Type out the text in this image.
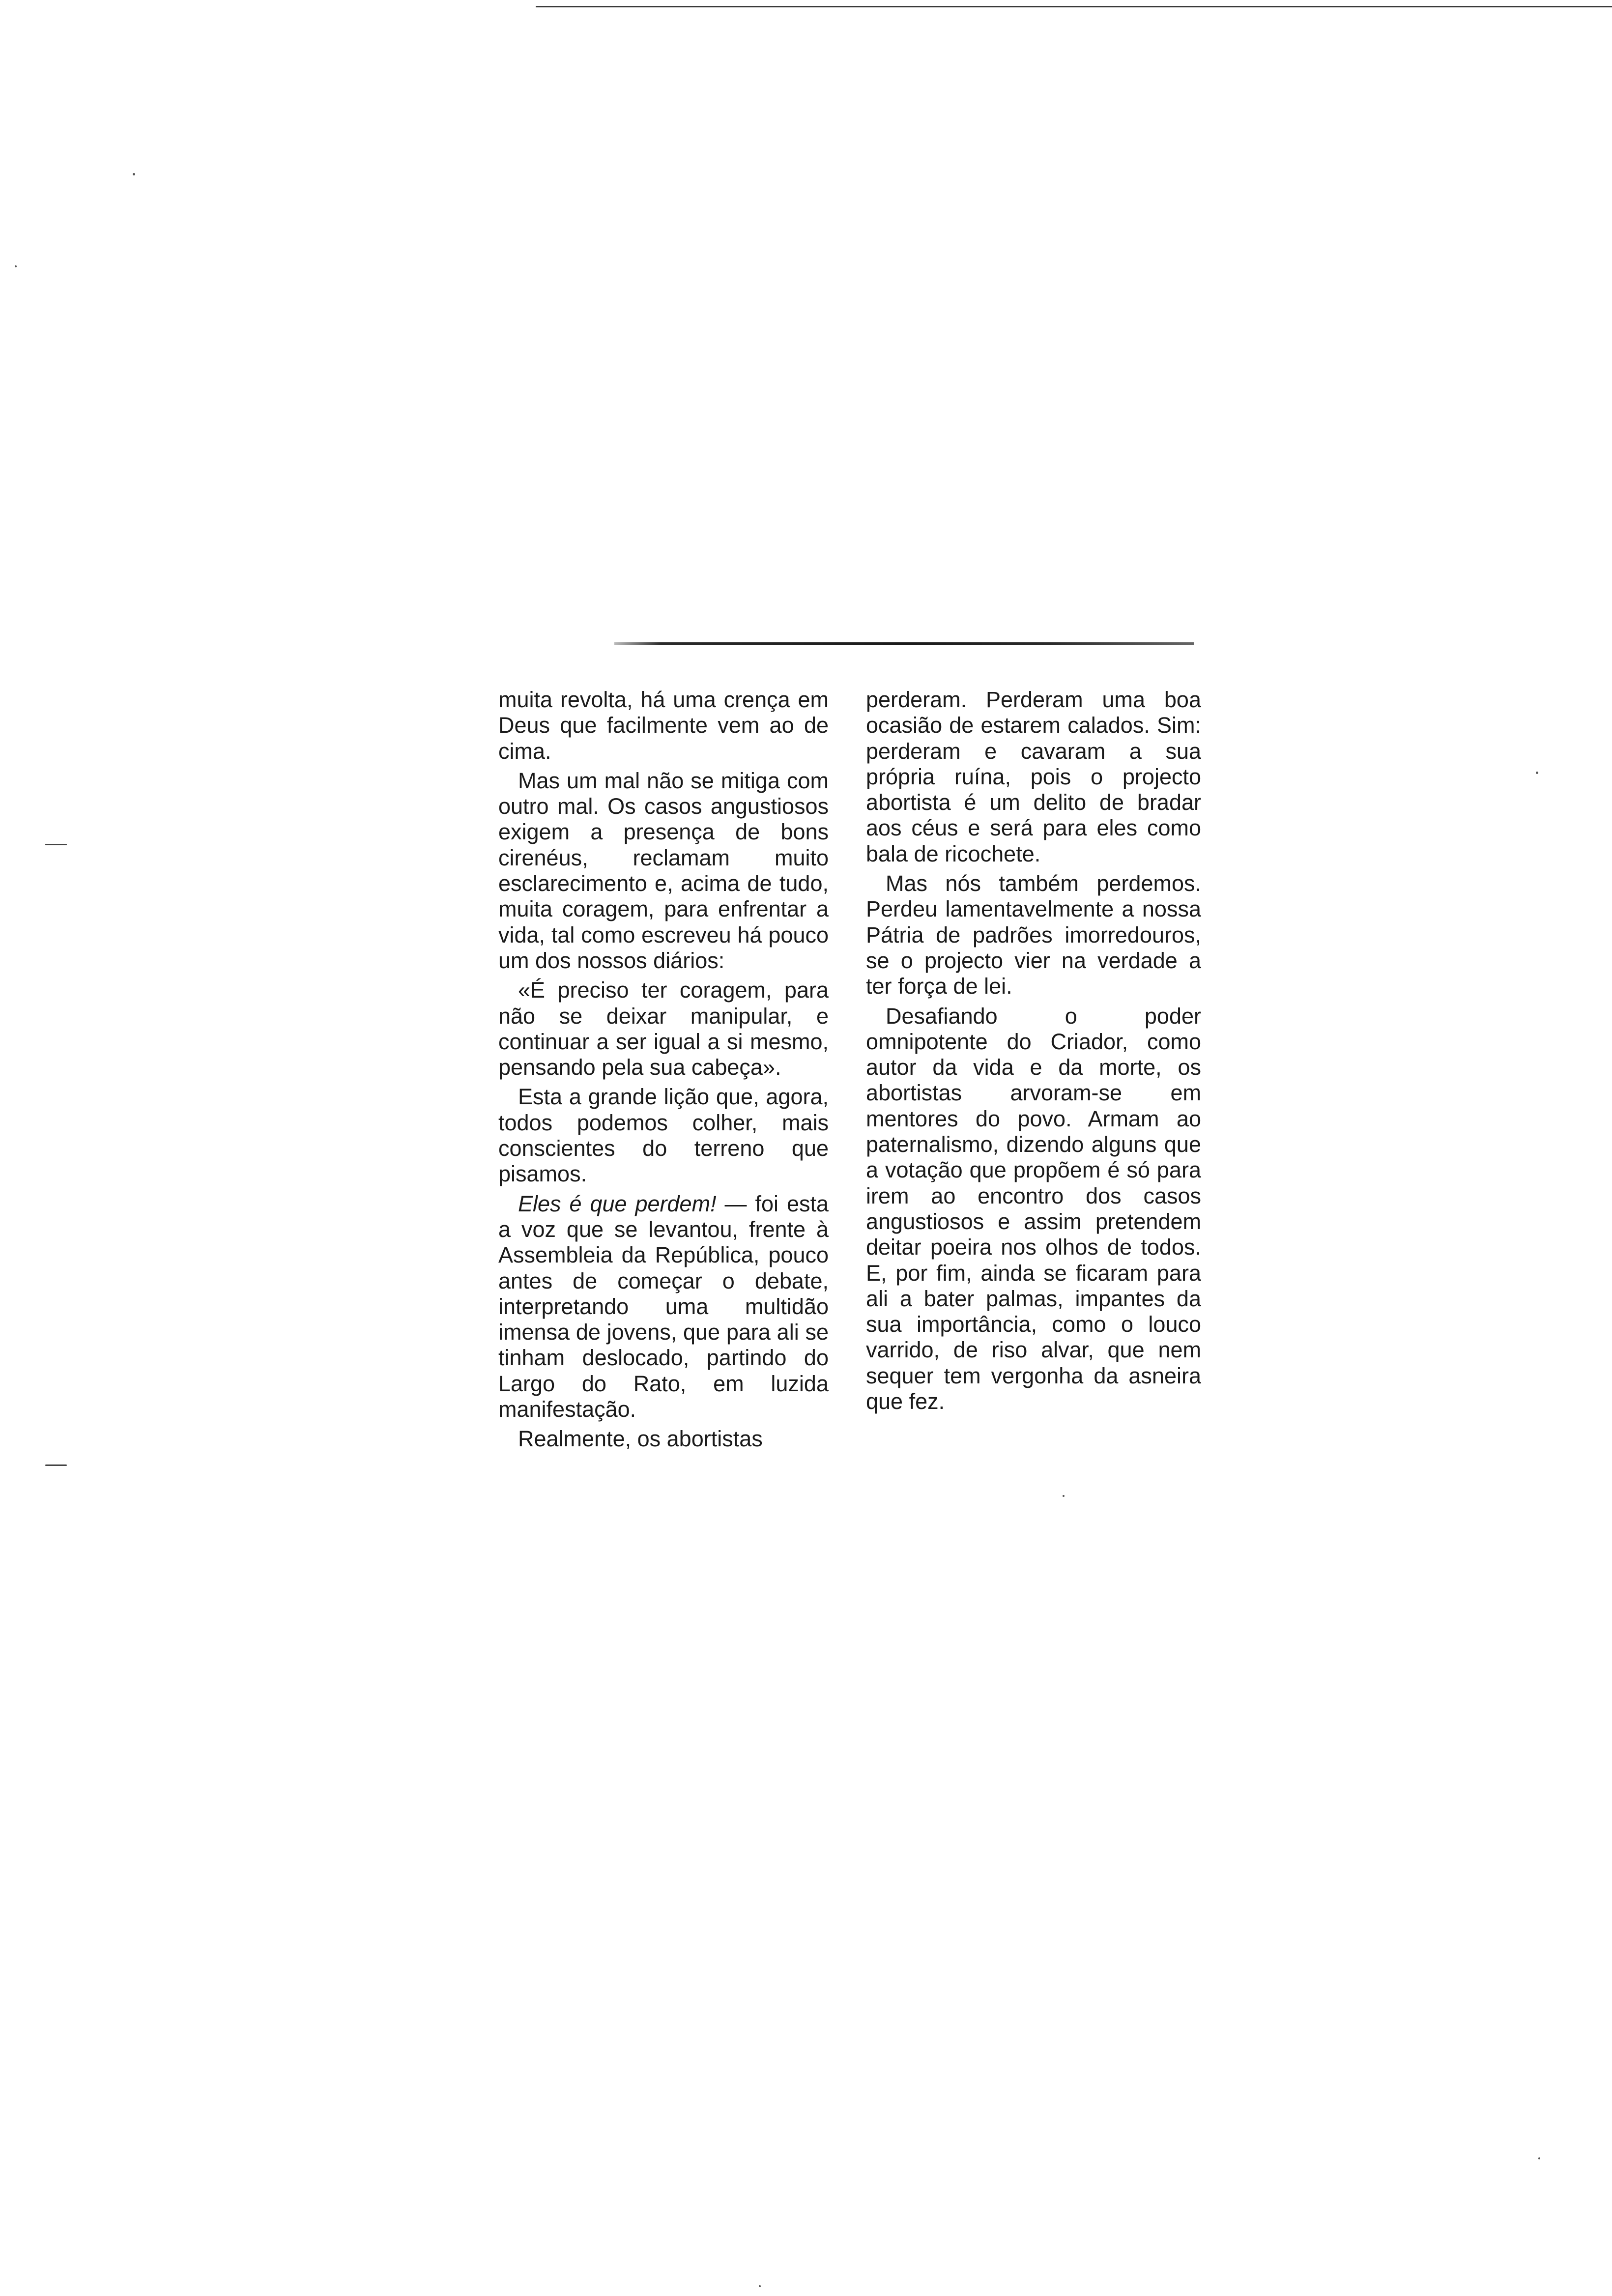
muita revolta, há uma crença em Deus que facilmente vem ao de cima.

Mas um mal não se mitiga com outro mal. Os casos angustiosos exigem a presença de bons cirenéus, reclamam muito esclarecimento e, acima de tudo, muita coragem, para enfrentar a vida, tal como escreveu há pouco um dos nossos diários:

«É preciso ter coragem, para não se deixar manipular, e continuar a ser igual a si mesmo, pensando pela sua cabeça».

Esta a grande lição que, agora, todos podemos colher, mais conscientes do terreno que pisamos.

Eles é que perdem! — foi esta a voz que se levantou, frente à Assembleia da República, pouco antes de começar o debate, interpretando uma multidão imensa de jovens, que para ali se tinham deslocado, partindo do Largo do Rato, em luzida manifestação.

Realmente, os abortistas

perderam. Perderam uma boa ocasião de estarem calados. Sim: perderam e cavaram a sua própria ruína, pois o projecto abortista é um delito de bradar aos céus e será para eles como bala de ricochete.

Mas nós também perdemos. Perdeu lamentavelmente a nossa Pátria de padrões imorredouros, se o projecto vier na verdade a ter força de lei.

Desafiando o poder omnipotente do Criador, como autor da vida e da morte, os abortistas arvoram-se em mentores do povo. Armam ao paternalismo, dizendo alguns que a votação que propõem é só para irem ao encontro dos casos angustiosos e assim pretendem deitar poeira nos olhos de todos. E, por fim, ainda se ficaram para ali a bater palmas, impantes da sua importância, como o louco varrido, de riso alvar, que nem sequer tem vergonha da asneira que fez.
